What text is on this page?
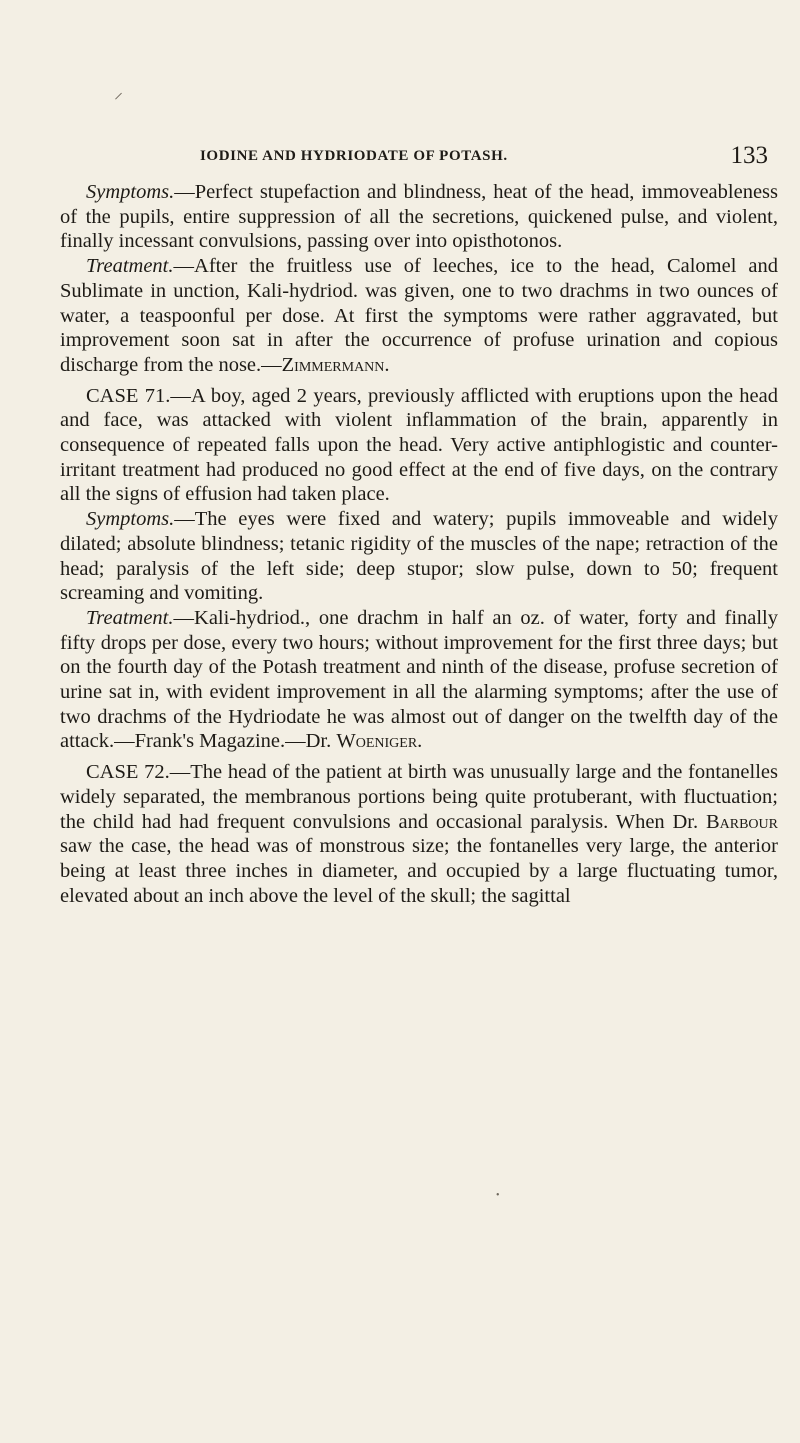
⸝
IODINE AND HYDRIODATE OF POTASH.	133

Symptoms.—Perfect stupefaction and blindness, heat of the head, immoveableness of the pupils, entire suppression of all the secretions, quickened pulse, and violent, finally incessant convulsions, passing over into opisthotonos.

Treatment.—After the fruitless use of leeches, ice to the head, Calomel and Sublimate in unction, Kali-hydriod. was given, one to two drachms in two ounces of water, a teaspoonful per dose. At first the symptoms were rather aggravated, but improvement soon sat in after the occurrence of profuse urination and copious discharge from the nose.—Zimmermann.

CASE 71.—A boy, aged 2 years, previously afflicted with eruptions upon the head and face, was attacked with violent inflammation of the brain, apparently in consequence of repeated falls upon the head. Very active antiphlogistic and counter-irritant treatment had produced no good effect at the end of five days, on the contrary all the signs of effusion had taken place.

Symptoms.—The eyes were fixed and watery; pupils immoveable and widely dilated; absolute blindness; tetanic rigidity of the muscles of the nape; retraction of the head; paralysis of the left side; deep stupor; slow pulse, down to 50; frequent screaming and vomiting.

Treatment.—Kali-hydriod., one drachm in half an oz. of water, forty and finally fifty drops per dose, every two hours; without improvement for the first three days; but on the fourth day of the Potash treatment and ninth of the disease, profuse secretion of urine sat in, with evident improvement in all the alarming symptoms; after the use of two drachms of the Hydriodate he was almost out of danger on the twelfth day of the attack.—Frank's Magazine.—Dr. Woeniger.

CASE 72.—The head of the patient at birth was unusually large and the fontanelles widely separated, the membranous portions being quite protuberant, with fluctuation; the child had had frequent convulsions and occasional paralysis. When Dr. Barbour saw the case, the head was of monstrous size; the fontanelles very large, the anterior being at least three inches in diameter, and occupied by a large fluctuating tumor, elevated about an inch above the level of the skull; the sagittal

•
